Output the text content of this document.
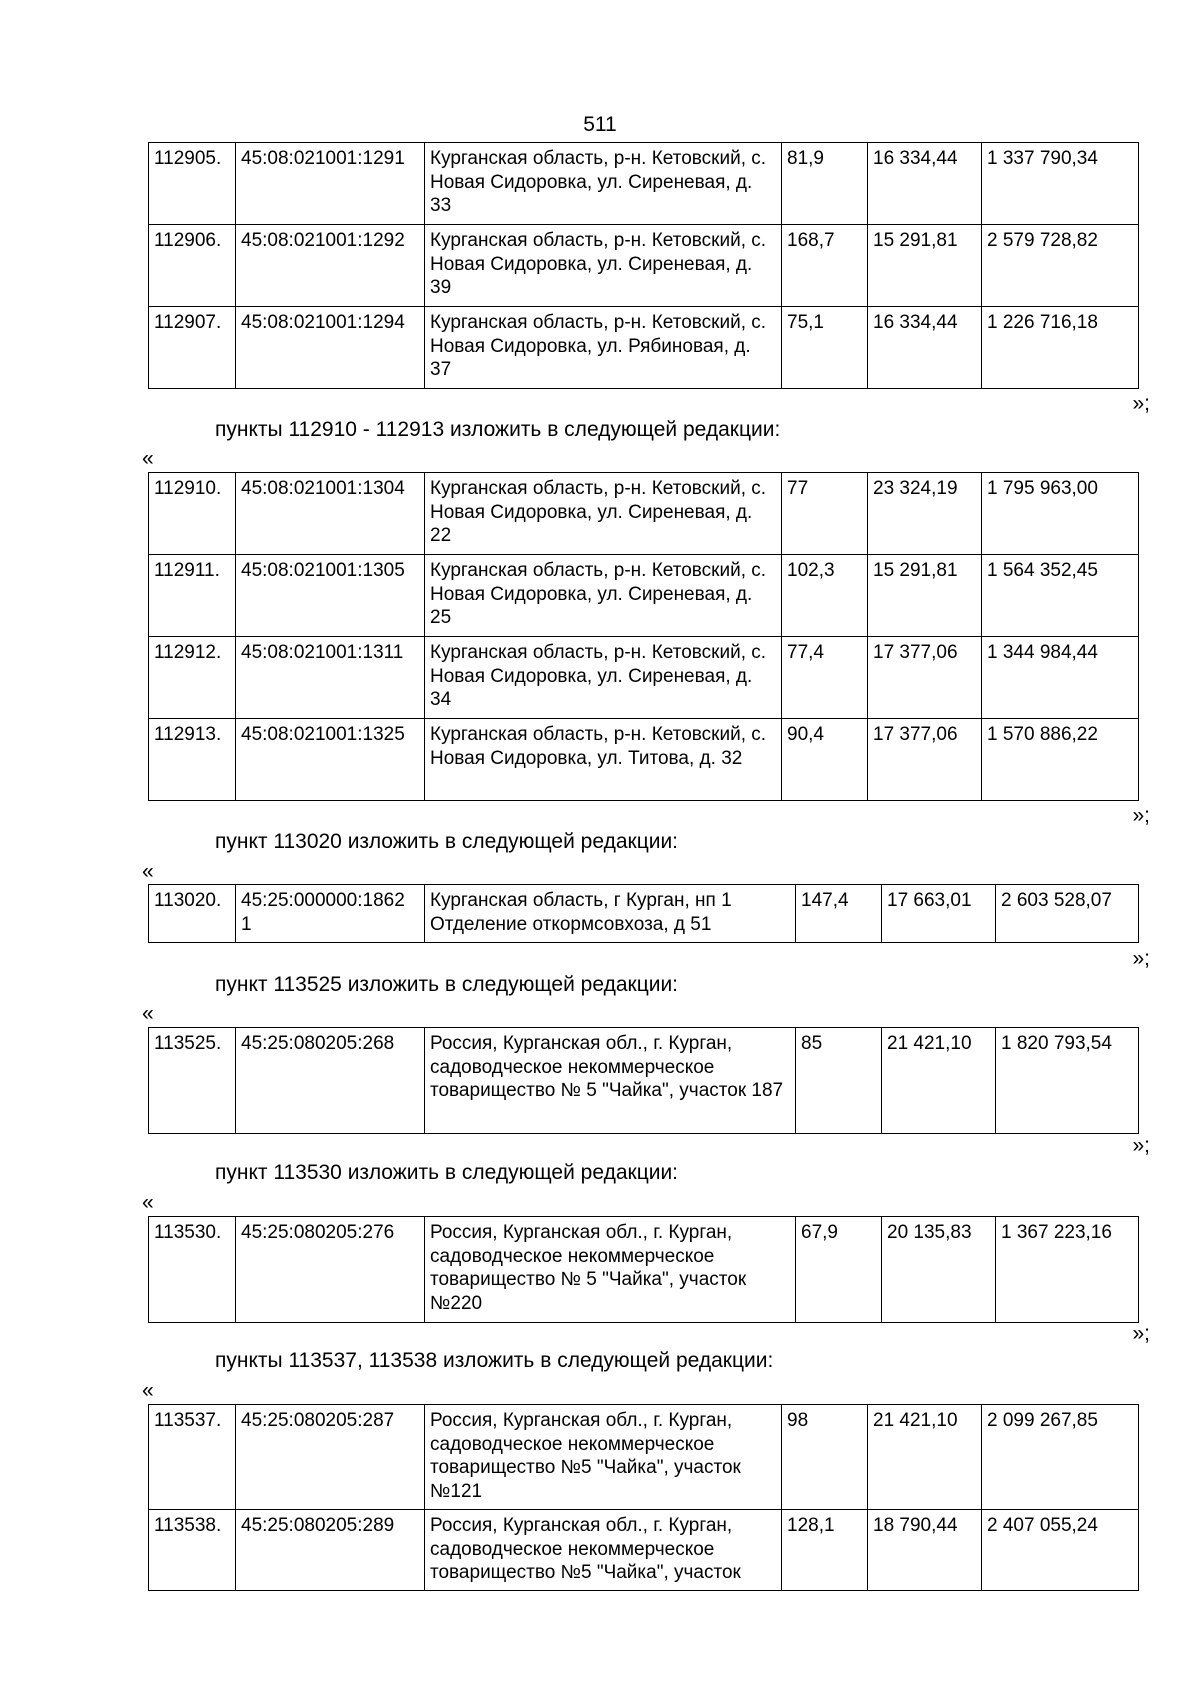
511
112905.	45:08:021001:1291	Курганская область, р-н. Кетовский, с. Новая Сидоровка, ул. Сиреневая, д. 33	81,9	16 334,44	1 337 790,34
112906.	45:08:021001:1292	Курганская область, р-н. Кетовский, с. Новая Сидоровка, ул. Сиреневая, д. 39	168,7	15 291,81	2 579 728,82
112907.	45:08:021001:1294	Курганская область, р-н. Кетовский, с. Новая Сидоровка, ул. Рябиновая, д. 37	75,1	16 334,44	1 226 716,18
»;
пункты 112910 - 112913 изложить в следующей редакции:
«
112910.	45:08:021001:1304	Курганская область, р-н. Кетовский, с. Новая Сидоровка, ул. Сиреневая, д. 22	77	23 324,19	1 795 963,00
112911.	45:08:021001:1305	Курганская область, р-н. Кетовский, с. Новая Сидоровка, ул. Сиреневая, д. 25	102,3	15 291,81	1 564 352,45
112912.	45:08:021001:1311	Курганская область, р-н. Кетовский, с. Новая Сидоровка, ул. Сиреневая, д. 34	77,4	17 377,06	1 344 984,44
112913.	45:08:021001:1325	Курганская область, р-н. Кетовский, с. Новая Сидоровка, ул. Титова, д. 32	90,4	17 377,06	1 570 886,22
»;
пункт 113020 изложить в следующей редакции:
«
113020.	45:25:000000:1862 1	Курганская область, г Курган, нп 1 Отделение откормсовхоза, д 51	147,4	17 663,01	2 603 528,07
»;
пункт 113525 изложить в следующей редакции:
«
113525.	45:25:080205:268	Россия, Курганская обл., г. Курган, садоводческое некоммерческое товарищество № 5 "Чайка", участок 187	85	21 421,10	1 820 793,54
»;
пункт 113530 изложить в следующей редакции:
«
113530.	45:25:080205:276	Россия, Курганская обл., г. Курган, садоводческое некоммерческое товарищество № 5 "Чайка", участок №220	67,9	20 135,83	1 367 223,16
»;
пункты 113537, 113538 изложить в следующей редакции:
«
113537.	45:25:080205:287	Россия, Курганская обл., г. Курган, садоводческое некоммерческое товарищество №5 "Чайка", участок №121	98	21 421,10	2 099 267,85
113538.	45:25:080205:289	Россия, Курганская обл., г. Курган, садоводческое некоммерческое товарищество №5 "Чайка", участок	128,1	18 790,44	2 407 055,24
